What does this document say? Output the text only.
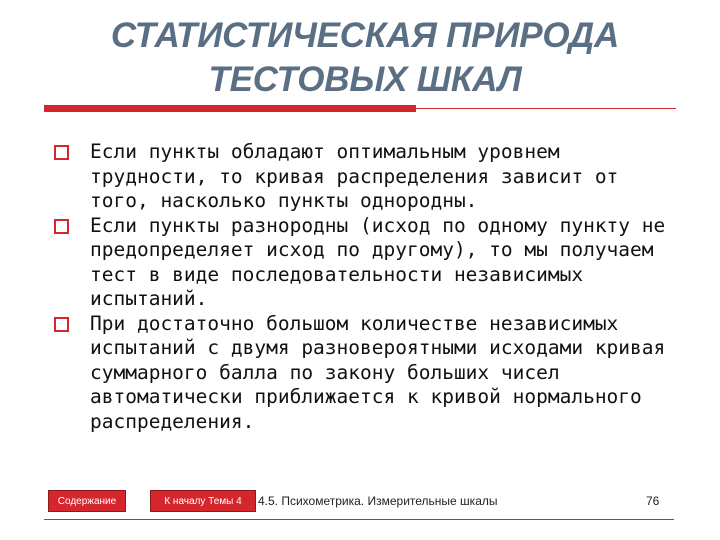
СТАТИСТИЧЕСКАЯ ПРИРОДА
ТЕСТОВЫХ ШКАЛ
Если пункты обладают оптимальным уровнем трудности, то кривая распределения зависит от того, насколько пункты однородны.
Если пункты разнородны (исход по одному пункту не предопределяет исход по другому), то мы получаем тест в виде последовательности независимых испытаний.
При достаточно большом количестве независимых испытаний с двумя разновероятными исходами кривая суммарного балла по закону больших чисел автоматически приближается к кривой нормального распределения.
Содержание	К началу Темы 4	4.5. Психометрика. Измерительные шкалы	76
